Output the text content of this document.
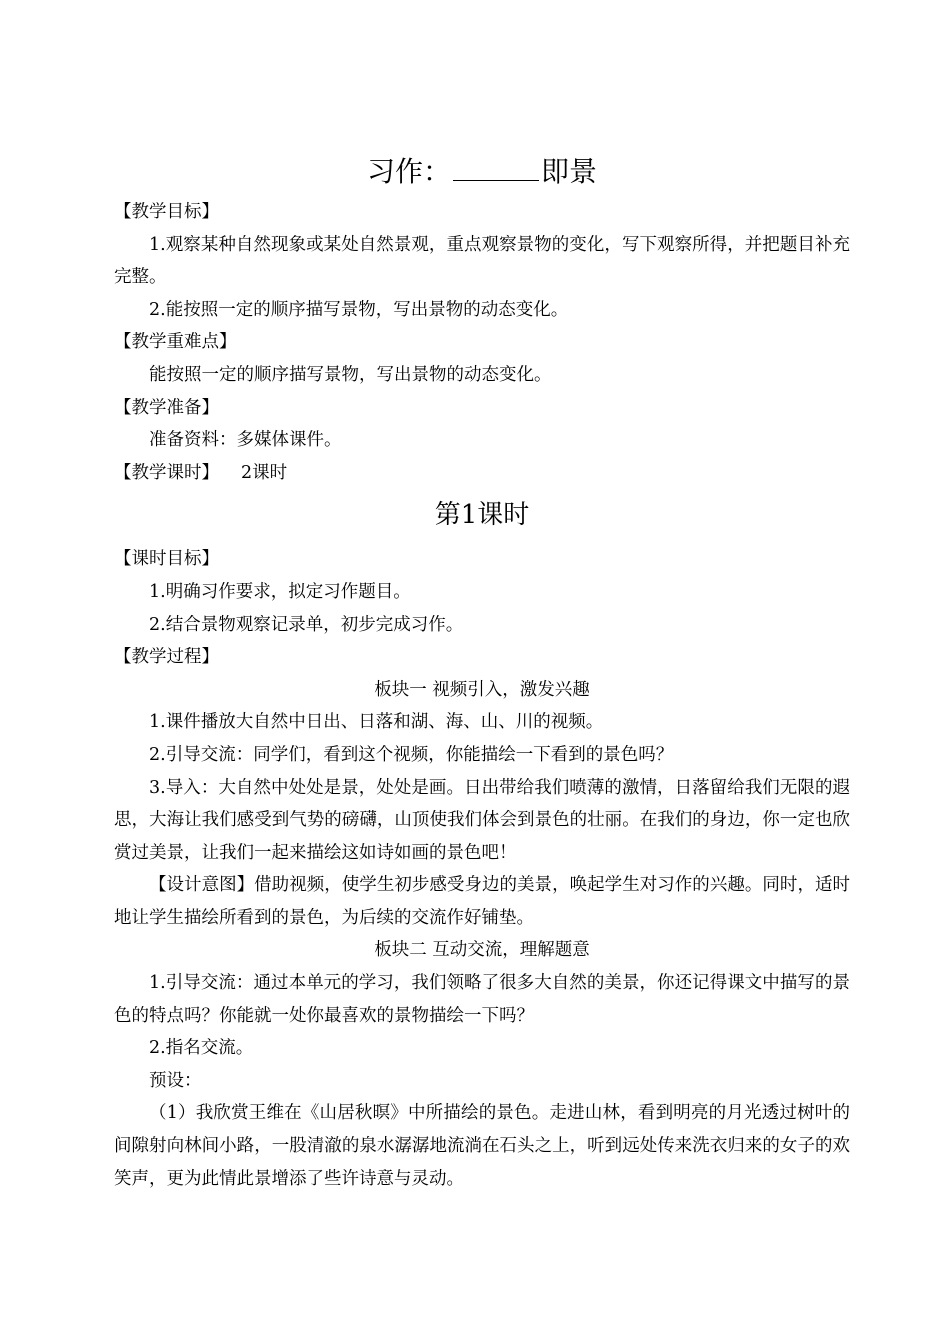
习作：	即景
【教学目标】
1.观察某种自然现象或某处自然景观，重点观察景物的变化，写下观察所得，并把题目补充完整。
2.能按照一定的顺序描写景物，写出景物的动态变化。
【教学重难点】
能按照一定的顺序描写景物，写出景物的动态变化。
【教学准备】
准备资料：多媒体课件。
【教学课时】 2课时
第1课时
【课时目标】
1.明确习作要求，拟定习作题目。
2.结合景物观察记录单，初步完成习作。
【教学过程】
板块一 视频引入，激发兴趣
1.课件播放大自然中日出、日落和湖、海、山、川的视频。
2.引导交流：同学们，看到这个视频，你能描绘一下看到的景色吗？
3.导入：大自然中处处是景，处处是画。日出带给我们喷薄的激情，日落留给我们无限的遐思，大海让我们感受到气势的磅礴，山顶使我们体会到景色的壮丽。在我们的身边，你一定也欣赏过美景，让我们一起来描绘这如诗如画的景色吧！
【设计意图】借助视频，使学生初步感受身边的美景，唤起学生对习作的兴趣。同时，适时地让学生描绘所看到的景色，为后续的交流作好铺垫。
板块二 互动交流，理解题意
1.引导交流：通过本单元的学习，我们领略了很多大自然的美景，你还记得课文中描写的景色的特点吗？你能就一处你最喜欢的景物描绘一下吗？
2.指名交流。
预设：
（1）我欣赏王维在《山居秋暝》中所描绘的景色。走进山林，看到明亮的月光透过树叶的间隙射向林间小路，一股清澈的泉水潺潺地流淌在石头之上，听到远处传来洗衣归来的女子的欢笑声，更为此情此景增添了些许诗意与灵动。
